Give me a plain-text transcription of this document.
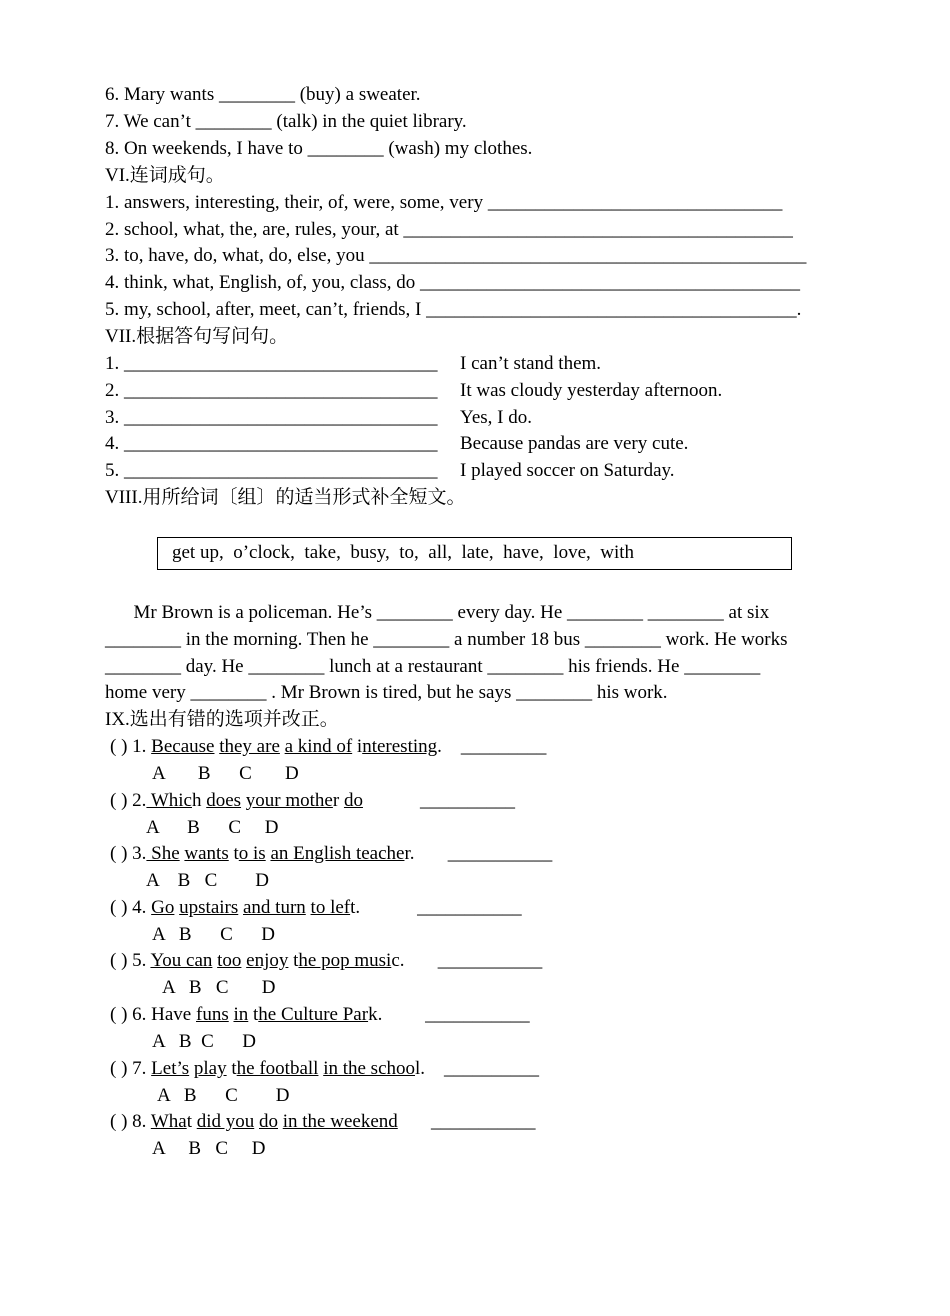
6. Mary wants ________ (buy) a sweater.
7. We can’t ________ (talk) in the quiet library.
8. On weekends, I have to ________ (wash) my clothes.
VI.连词成句。
1. answers, interesting, their, of, were, some, very _______________________________
2. school, what, the, are, rules, your, at _________________________________________
3. to, have, do, what, do, else, you ______________________________________________
4. think, what, English, of, you, class, do ________________________________________
5. my, school, after, meet, can’t, friends, I _______________________________________.
VII.根据答句写问句。
1. _________________________________ I can’t stand them.
2. _________________________________ It was cloudy yesterday afternoon.
3. _________________________________ Yes, I do.
4. _________________________________ Because pandas are very cute.
5. _________________________________ I played soccer on Saturday.
VIII.用所给词〔组〕的适当形式补全短文。
get up,  o’clock,  take,  busy,  to,  all,  late,  have,  love,  with
Mr Brown is a policeman. He’s ________ every day. He ________ ________ at six
________ in the morning. Then he ________ a number 18 bus ________ work. He works
________ day. He ________ lunch at a restaurant ________ his friends. He ________
home very ________ . Mr Brown is tired, but he says ________ his work.
IX.选出有错的选项并改正。
( ) 1. Because they are a kind of interesting.    _________
A       B      C       D
( ) 2. Which does your mother do            __________
A      B      C     D
( ) 3. She wants to is an English teacher.       ___________
A    B   C        D
( ) 4. Go upstairs and turn to left.            ___________
A   B      C      D
( ) 5. You can too enjoy the pop music.       ___________
A   B   C       D
( ) 6. Have funs in the Culture Park.         ___________
A   B  C      D
( ) 7. Let’s play the football in the school.    __________
A   B      C        D
( ) 8. What did you do in the weekend       ___________
A     B   C     D
